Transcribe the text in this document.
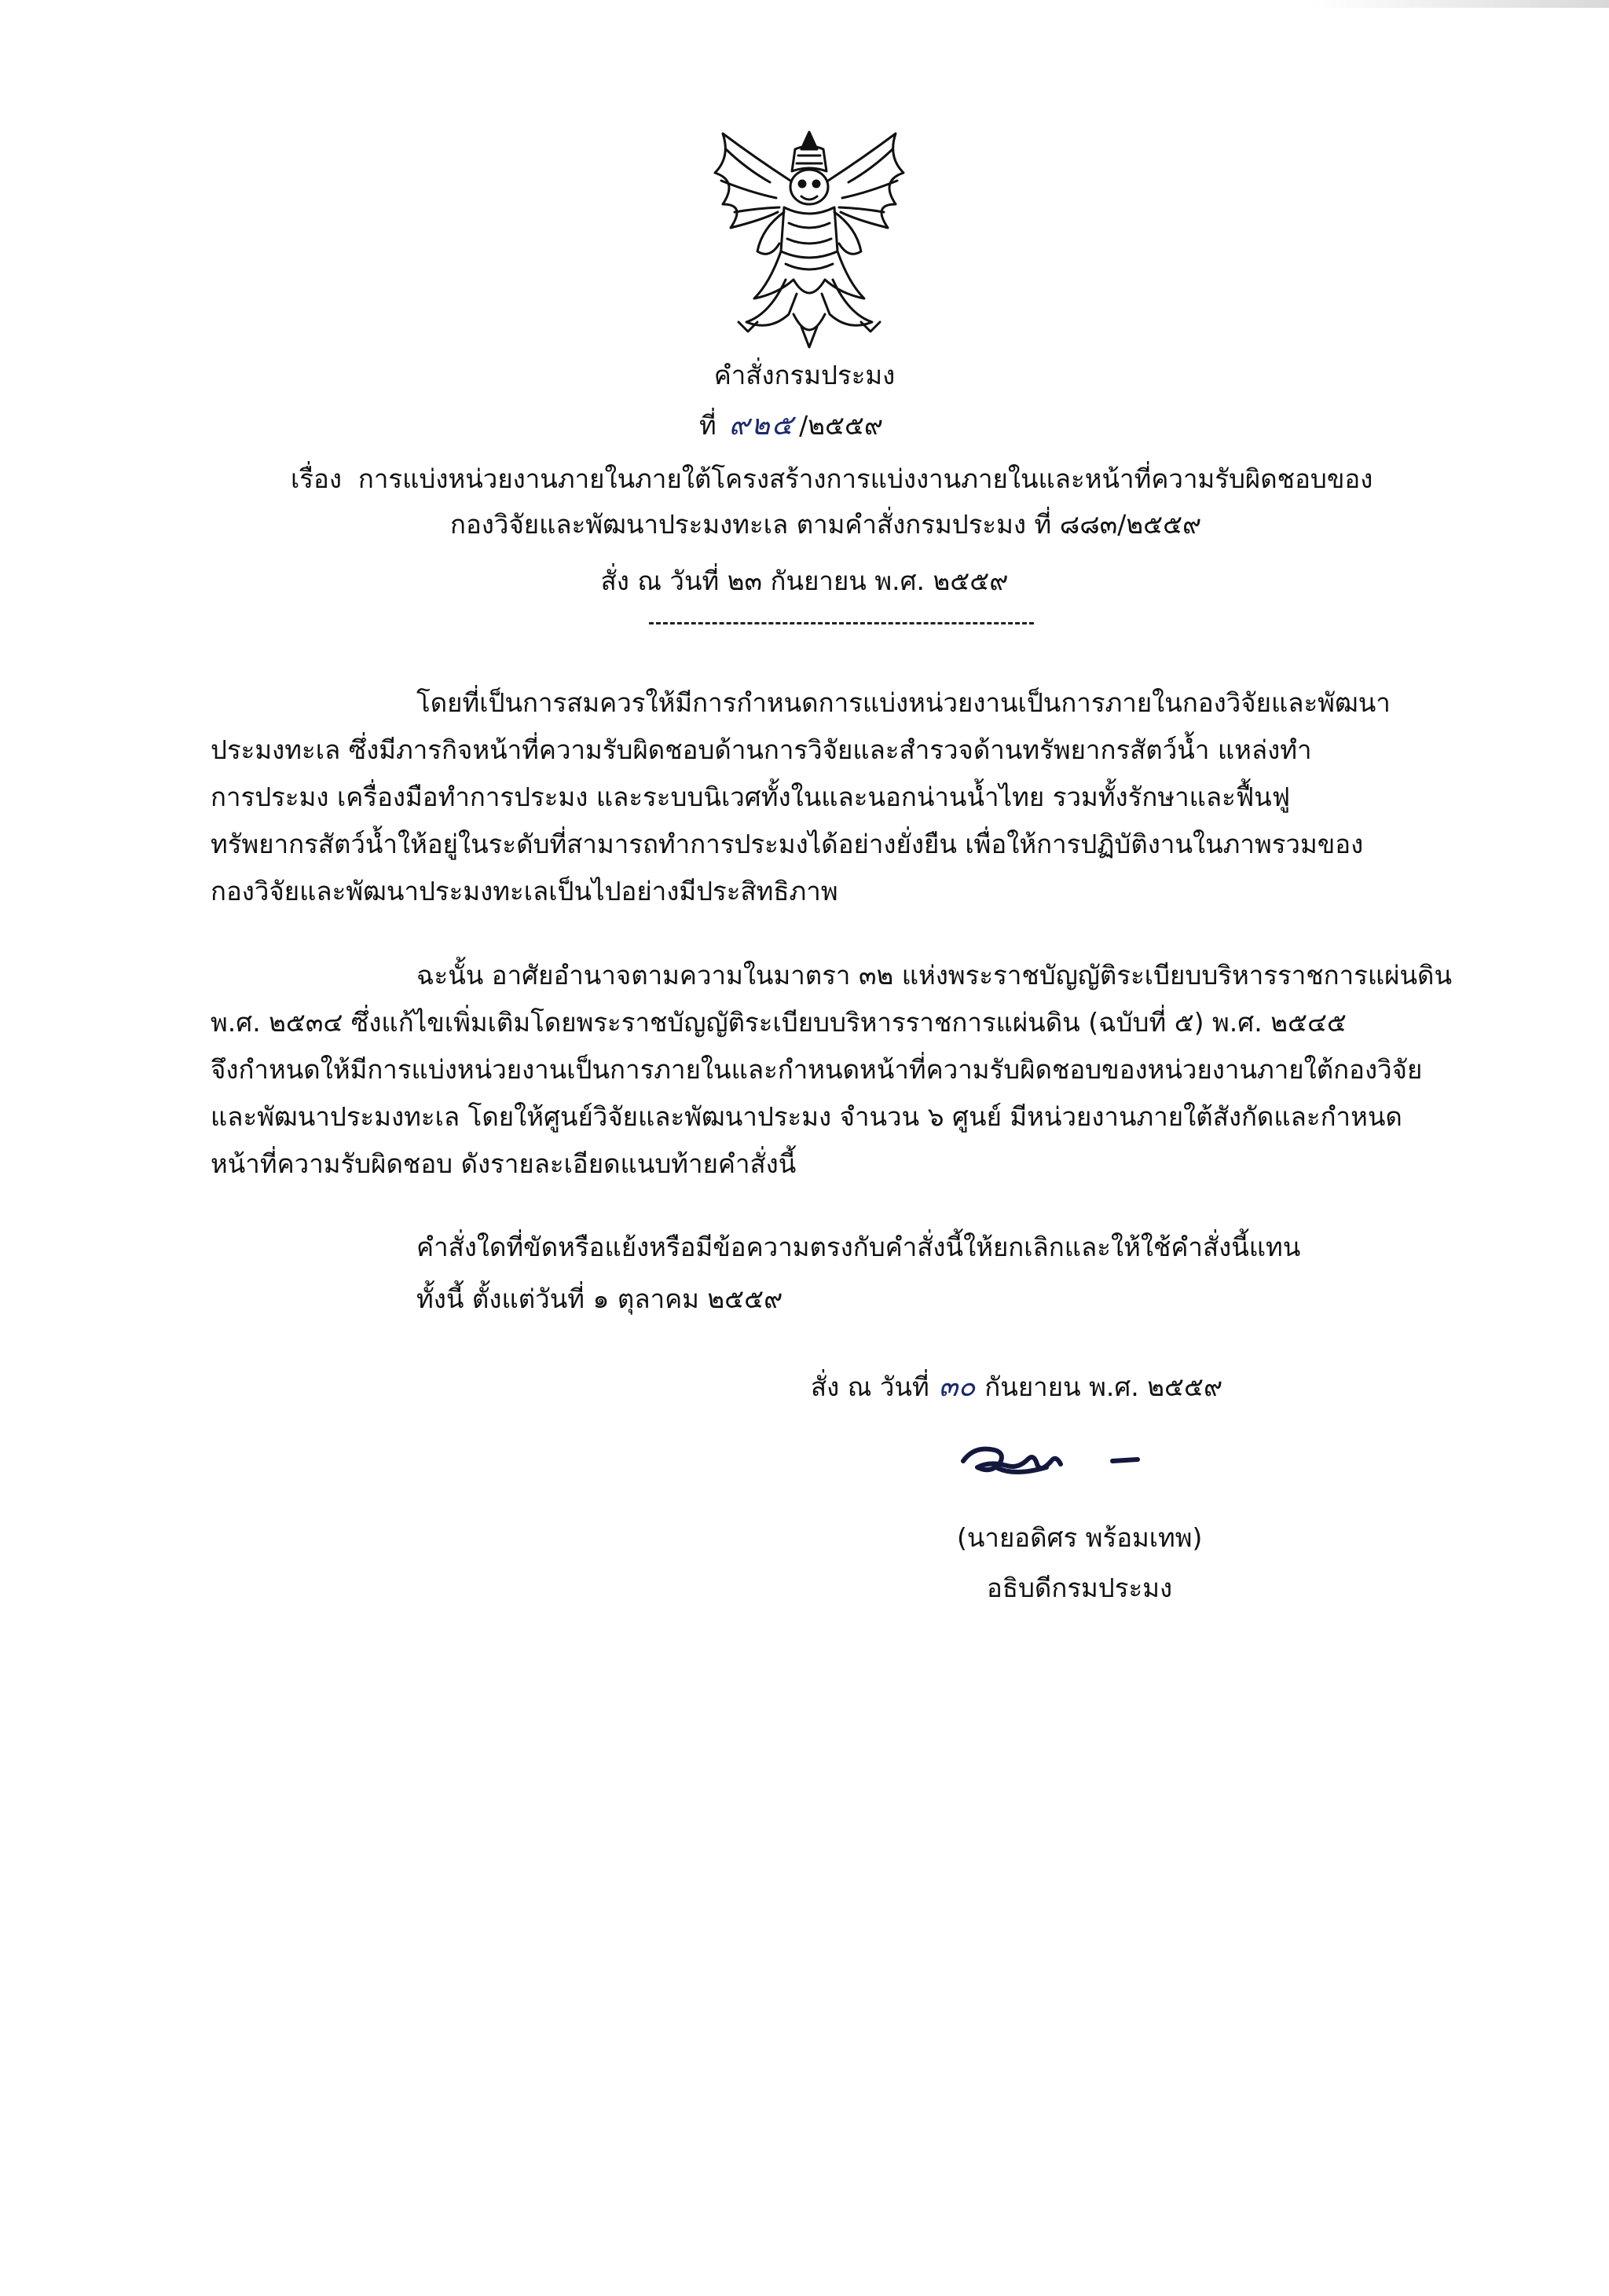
คำสั่งกรมประมง
ที่ ๙๒๕ /๒๕๕๙
เรื่อง การแบ่งหน่วยงานภายในภายใต้โครงสร้างการแบ่งงานภายในและหน้าที่ความรับผิดชอบของ
กองวิจัยและพัฒนาประมงทะเล ตามคำสั่งกรมประมง ที่ ๘๘๓/๒๕๕๙
สั่ง ณ วันที่ ๒๓ กันยายน พ.ศ. ๒๕๕๙
โดยที่เป็นการสมควรให้มีการกำหนดการแบ่งหน่วยงานเป็นการภายในกองวิจัยและพัฒนา
ประมงทะเล ซึ่งมีภารกิจหน้าที่ความรับผิดชอบด้านการวิจัยและสำรวจด้านทรัพยากรสัตว์น้ำ แหล่งทำ
การประมง เครื่องมือทำการประมง และระบบนิเวศทั้งในและนอกน่านน้ำไทย รวมทั้งรักษาและฟื้นฟู
ทรัพยากรสัตว์น้ำให้อยู่ในระดับที่สามารถทำการประมงได้อย่างยั่งยืน เพื่อให้การปฏิบัติงานในภาพรวมของ
กองวิจัยและพัฒนาประมงทะเลเป็นไปอย่างมีประสิทธิภาพ
ฉะนั้น อาศัยอำนาจตามความในมาตรา ๓๒ แห่งพระราชบัญญัติระเบียบบริหารราชการแผ่นดิน
พ.ศ. ๒๕๓๔ ซึ่งแก้ไขเพิ่มเติมโดยพระราชบัญญัติระเบียบบริหารราชการแผ่นดิน (ฉบับที่ ๕) พ.ศ. ๒๕๔๕
จึงกำหนดให้มีการแบ่งหน่วยงานเป็นการภายในและกำหนดหน้าที่ความรับผิดชอบของหน่วยงานภายใต้กองวิจัย
และพัฒนาประมงทะเล โดยให้ศูนย์วิจัยและพัฒนาประมง จำนวน ๖ ศูนย์ มีหน่วยงานภายใต้สังกัดและกำหนด
หน้าที่ความรับผิดชอบ ดังรายละเอียดแนบท้ายคำสั่งนี้
คำสั่งใดที่ขัดหรือแย้งหรือมีข้อความตรงกับคำสั่งนี้ให้ยกเลิกและให้ใช้คำสั่งนี้แทน
ทั้งนี้ ตั้งแต่วันที่ ๑ ตุลาคม ๒๕๕๙
สั่ง ณ วันที่ ๓๐ กันยายน พ.ศ. ๒๕๕๙
(นายอดิศร พร้อมเทพ)
อธิบดีกรมประมง
